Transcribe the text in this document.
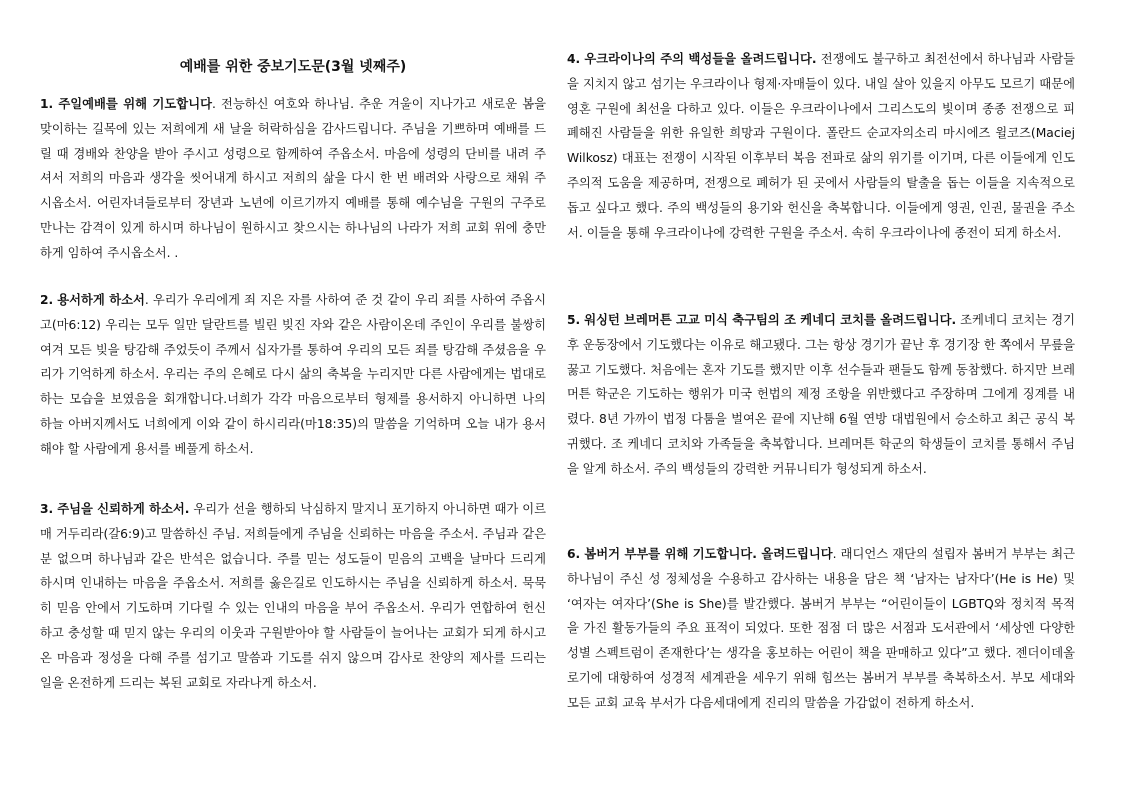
예배를 위한 중보기도문(3월 넷째주)

1. 주일예배를 위해 기도합니다. 전능하신 여호와 하나님. 추운 겨울이 지나가고 새로운 봄을 맞이하는 길목에 있는 저희에게 새 날을 허락하심을 감사드립니다. 주님을 기쁘하며 예배를 드릴 때 경배와 찬양을 받아 주시고 성령으로 함께하여 주옵소서. 마음에 성령의 단비를 내려 주셔서 저희의 마음과 생각을 씻어내게 하시고 저희의 삶을 다시 한 번 배려와 사랑으로 채워 주시옵소서. 어린자녀들로부터 장년과 노년에 이르기까지 예배를 통해 예수님을 구원의 구주로 만나는 감격이 있게 하시며 하나님이 원하시고 찾으시는 하나님의 나라가 저희 교회 위에 충만하게 임하여 주시옵소서. .

2. 용서하게 하소서. 우리가 우리에게 죄 지은 자를 사하여 준 것 같이 우리 죄를 사하여 주옵시고(마6:12) 우리는 모두 일만 달란트를 빌린 빚진 자와 같은 사람이온데 주인이 우리를 불쌍히 여겨 모든 빚을 탕감해 주었듯이 주께서 십자가를 통하여 우리의 모든 죄를 탕감해 주셨음을 우리가 기억하게 하소서. 우리는 주의 은혜로 다시 삶의 축복을 누리지만 다른 사람에게는 법대로 하는 모습을 보였음을 회개합니다.너희가 각각 마음으로부터 형제를 용서하지 아니하면 나의 하늘 아버지께서도 너희에게 이와 같이 하시리라(마18:35)의 말씀을 기억하며 오늘 내가 용서해야 할 사람에게 용서를 베풀게 하소서.

3. 주님을 신뢰하게 하소서. 우리가 선을 행하되 낙심하지 말지니 포기하지 아니하면 때가 이르매 거두리라(갈6:9)고 말씀하신 주님. 저희들에게 주님을 신뢰하는 마음을 주소서. 주님과 같은 분 없으며 하나님과 같은 반석은 없습니다. 주를 믿는 성도들이 믿음의 고백을 날마다 드리게 하시며 인내하는 마음을 주옵소서. 저희를 옳은길로 인도하시는 주님을 신뢰하게 하소서. 묵묵히 믿음 안에서 기도하며 기다릴 수 있는 인내의 마음을 부어 주옵소서. 우리가 연합하여 헌신하고 충성할 때 믿지 않는 우리의 이웃과 구원받아야 할 사람들이 늘어나는 교회가 되게 하시고 온 마음과 정성을 다해 주를 섬기고 말씀과 기도를 쉬지 않으며 감사로 찬양의 제사를 드리는 일을 온전하게 드리는 복된 교회로 자라나게 하소서.

4. 우크라이나의 주의 백성들을 올려드립니다. 전쟁에도 불구하고 최전선에서 하나님과 사람들을 지치지 않고 섬기는 우크라이나 형제·자매들이 있다. 내일 살아 있을지 아무도 모르기 때문에 영혼 구원에 최선을 다하고 있다. 이들은 우크라이나에서 그리스도의 빛이며 종종 전쟁으로 피폐해진 사람들을 위한 유일한 희망과 구원이다. 폴란드 순교자의소리 마시에즈 윌코즈(Maciej Wilkosz) 대표는 전쟁이 시작된 이후부터 복음 전파로 삶의 위기를 이기며, 다른 이들에게 인도주의적 도움을 제공하며, 전쟁으로 폐허가 된 곳에서 사람들의 탈출을 돕는 이들을 지속적으로 돕고 싶다고 했다. 주의 백성들의 용기와 헌신을 축복합니다. 이들에게 영권, 인권, 물권을 주소서. 이들을 통해 우크라이나에 강력한 구원을 주소서. 속히 우크라이나에 종전이 되게 하소서.

5. 워싱턴 브레머튼 고교 미식 축구팀의 조 케네디 코치를 올려드립니다. 조케네디 코치는 경기 후 운동장에서 기도했다는 이유로 해고됐다. 그는 항상 경기가 끝난 후 경기장 한 쪽에서 무릎을 꿇고 기도했다. 처음에는 혼자 기도를 했지만 이후 선수들과 팬들도 함께 동참했다. 하지만 브레머튼 학군은 기도하는 행위가 미국 헌법의 제정 조항을 위반했다고 주장하며 그에게 징계를 내렸다. 8년 가까이 법정 다툼을 벌여온 끝에 지난해 6월 연방 대법원에서 승소하고 최근 공식 복귀했다. 조 케네디 코치와 가족들을 축복합니다. 브레머튼 학군의 학생들이 코치를 통해서 주님을 알게 하소서. 주의 백성들의 강력한 커뮤니티가 형성되게 하소서.

6. 봄버거 부부를 위해 기도합니다. 올려드립니다. 래디언스 재단의 설립자 봄버거 부부는 최근 하나님이 주신 성 정체성을 수용하고 감사하는 내용을 담은 책 ‘남자는 남자다’(He is He) 및 ‘여자는 여자다’(She is She)를 발간했다. 봄버거 부부는 “어린이들이 LGBTQ와 정치적 목적을 가진 활동가들의 주요 표적이 되었다. 또한 점점 더 많은 서점과 도서관에서 ‘세상엔 다양한 성별 스펙트럼이 존재한다’는 생각을 홍보하는 어린이 책을 판매하고 있다”고 했다. 젠더이데올로기에 대항하여 성경적 세계관을 세우기 위해 힘쓰는 봄버거 부부를 축복하소서. 부모 세대와 모든 교회 교육 부서가 다음세대에게 진리의 말씀을 가감없이 전하게 하소서.
